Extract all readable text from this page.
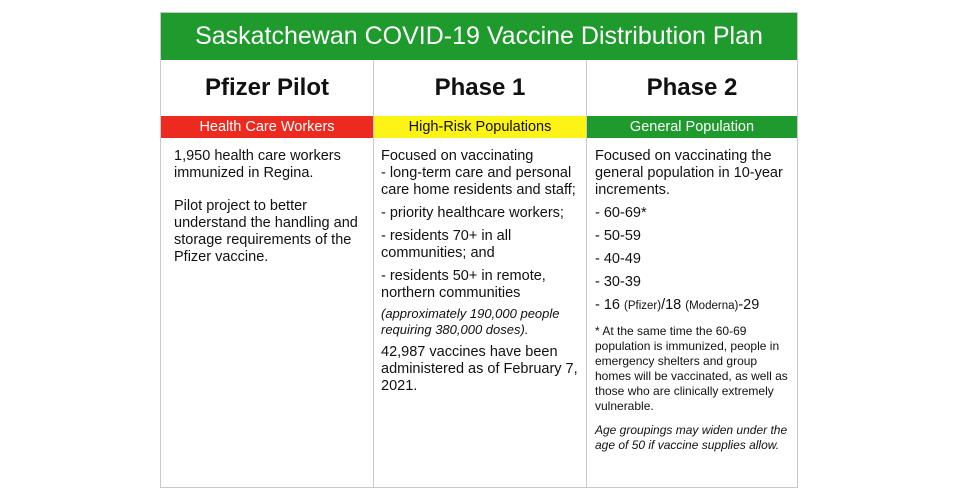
Saskatchewan COVID-19 Vaccine Distribution Plan
Pfizer Pilot
Health Care Workers

1,950 health care workers immunized in Regina.

Pilot project to better understand the handling and storage requirements of the Pfizer vaccine.

Phase 1
High-Risk Populations

Focused on vaccinating

- long-term care and personal care home residents and staff;

- priority healthcare workers;

- residents 70+ in all communities; and

- residents 50+ in remote, northern communities

(approximately 190,000 people requiring 380,000 doses).

42,987 vaccines have been administered as of February 7, 2021.

Phase 2
General Population

Focused on vaccinating the general population in 10-year increments.

- 60-69*

- 50-59

- 40-49

- 30-39

- 16 (Pfizer)/18 (Moderna)-29

* At the same time the 60-69 population is immunized, people in emergency shelters and group homes will be vaccinated, as well as those who are clinically extremely vulnerable.

Age groupings may widen under the age of 50 if vaccine supplies allow.
